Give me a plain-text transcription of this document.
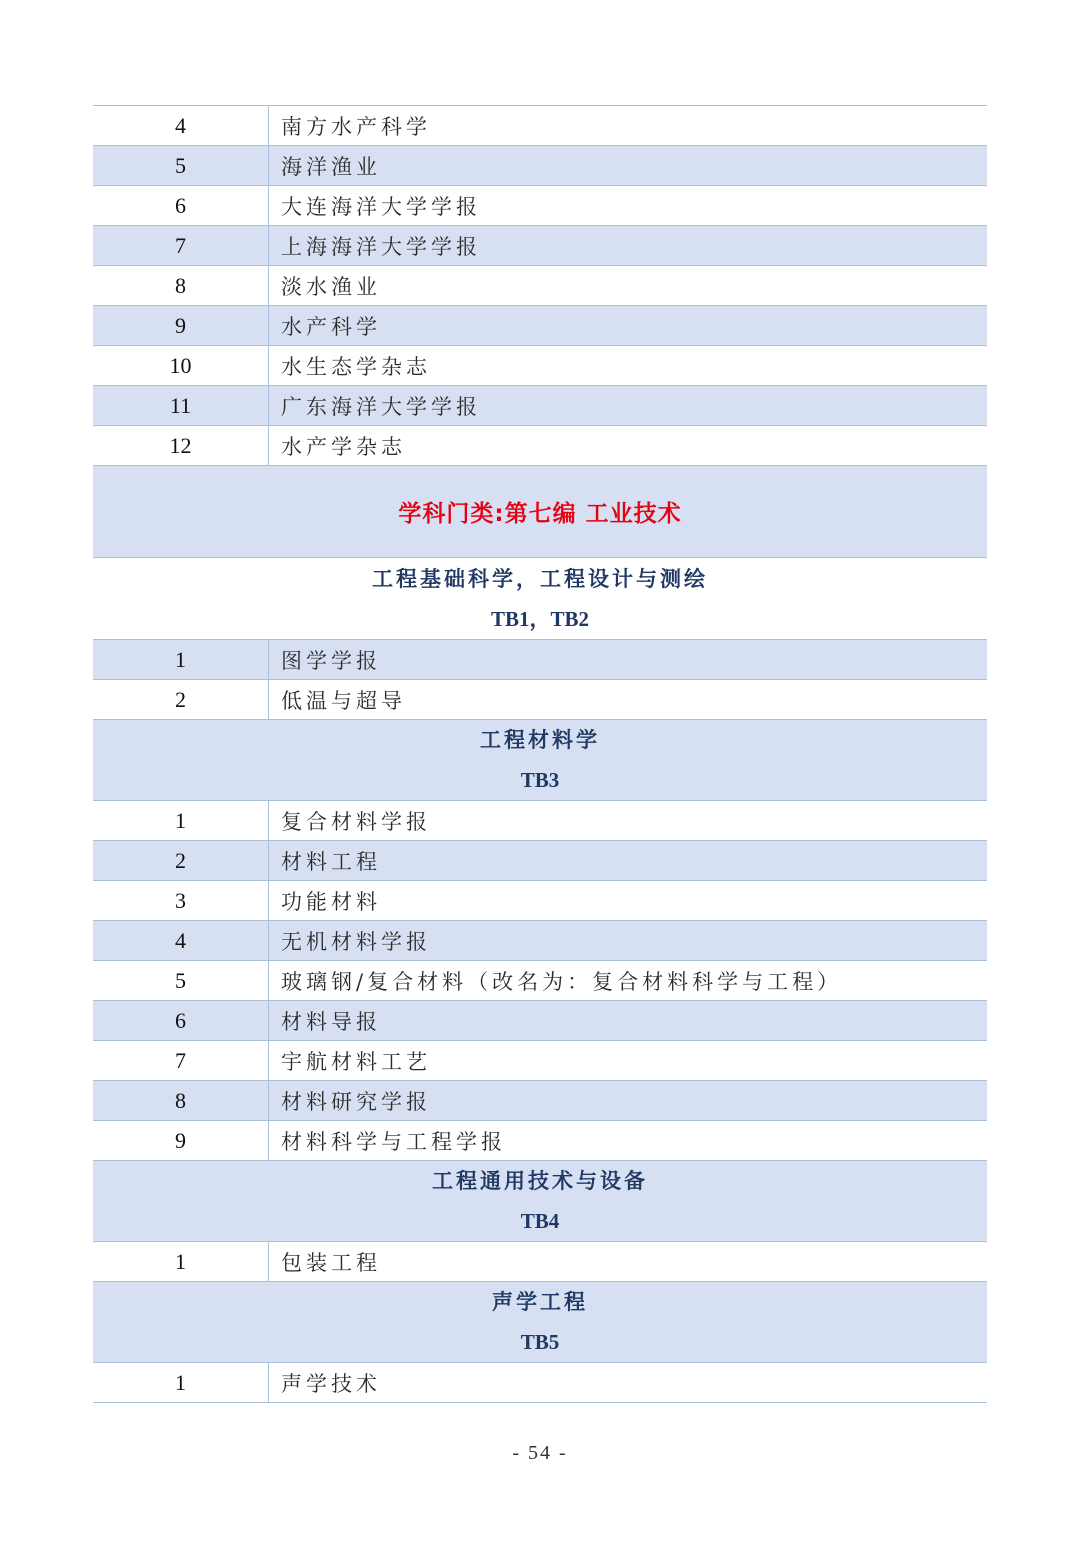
4	南方水产科学
5	海洋渔业
6	大连海洋大学学报
7	上海海洋大学学报
8	淡水渔业
9	水产科学
10	水生态学杂志
11	广东海洋大学学报
12	水产学杂志
学科门类:第七编 工业技术
工程基础科学，工程设计与测绘
TB1，TB2
1	图学学报
2	低温与超导
工程材料学
TB3
1	复合材料学报
2	材料工程
3	功能材料
4	无机材料学报
5	玻璃钢/复合材料（改名为：复合材料科学与工程）
6	材料导报
7	宇航材料工艺
8	材料研究学报
9	材料科学与工程学报
工程通用技术与设备
TB4
1	包装工程
声学工程
TB5
1	声学技术
- 54 -
